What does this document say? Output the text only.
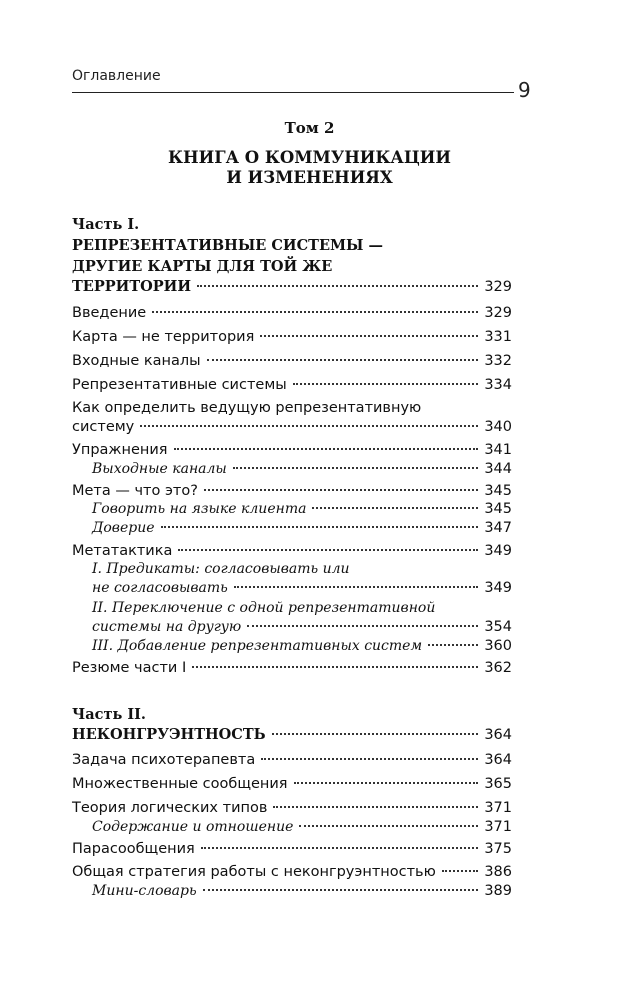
Оглавление
9
Том 2
КНИГА О КОММУНИКАЦИИ
И ИЗМЕНЕНИЯХ
Часть I.
РЕПРЕЗЕНТАТИВНЫЕ СИСТЕМЫ —
ДРУГИЕ КАРТЫ ДЛЯ ТОЙ ЖЕ
ТЕРРИТОРИИ	329
Введение	329
Карта — не территория	331
Входные каналы	332
Репрезентативные системы	334
Как определить ведущую репрезентативную
систему	340
Упражнения	341
Выходные каналы	344
Мета — что это?	345
Говорить на языке клиента	345
Доверие	347
Метатактика	349
I. Предикаты: согласовывать или
не согласовывать	349
II. Переключение с одной репрезентативной
системы на другую	354
III. Добавление репрезентативных систем	360
Резюме части I	362
Часть II.
НЕКОНГРУЭНТНОСТЬ	364
Задача психотерапевта	364
Множественные сообщения	365
Теория логических типов	371
Содержание и отношение	371
Парасообщения	375
Общая стратегия работы с неконгруэнтностью	386
Мини-словарь	389
